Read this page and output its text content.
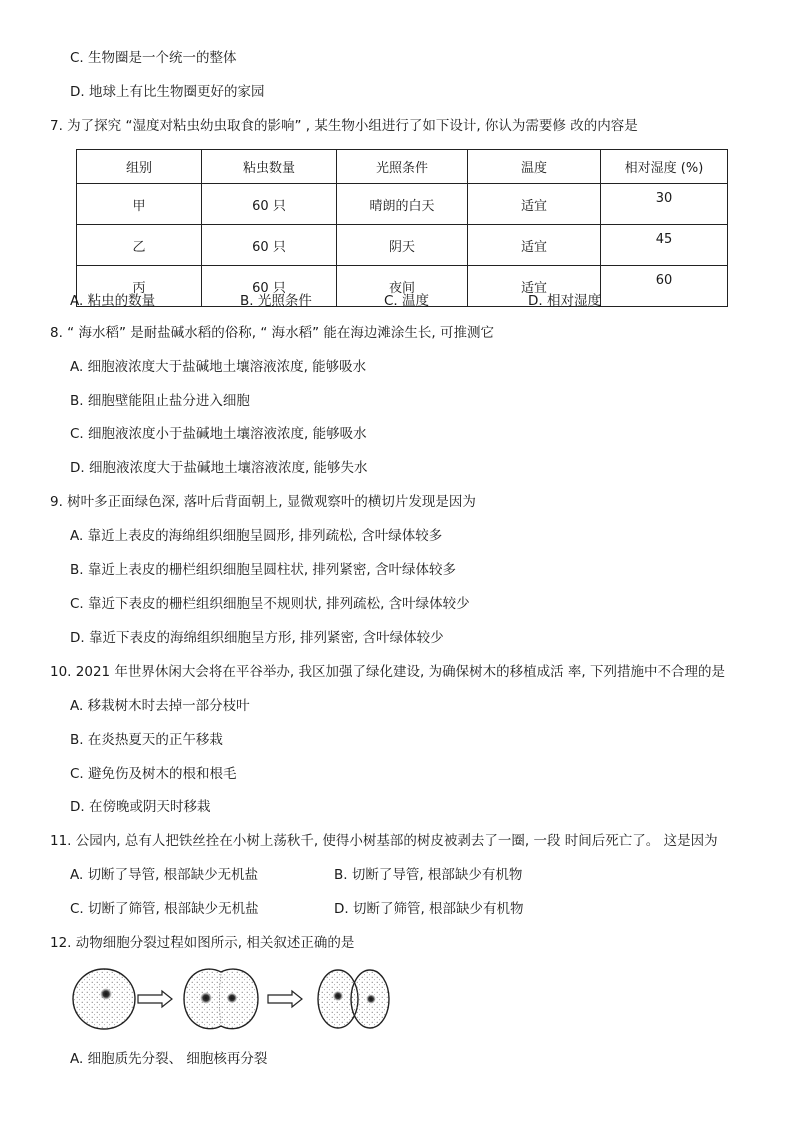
C. 生物圈是一个统一的整体
D. 地球上有比生物圈更好的家园
7. 为了探究 “湿度对粘虫幼虫取食的影响” , 某生物小组进行了如下设计, 你认为需要修 改的内容是
组别	粘虫数量	光照条件	温度	相对湿度 (%)
甲	60 只	晴朗的白天	适宜	30
乙	60 只	阴天	适宜	45
丙	60 只	夜间	适宜	60
A. 粘虫的数量	B. 光照条件	C. 温度	D. 相对湿度
8. “ 海水稻” 是耐盐碱水稻的俗称, “ 海水稻” 能在海边滩涂生长, 可推测它
A. 细胞液浓度大于盐碱地土壤溶液浓度, 能够吸水
B. 细胞壁能阻止盐分进入细胞
C. 细胞液浓度小于盐碱地土壤溶液浓度, 能够吸水
D. 细胞液浓度大于盐碱地土壤溶液浓度, 能够失水
9. 树叶多正面绿色深, 落叶后背面朝上, 显微观察叶的横切片发现是因为
A. 靠近上表皮的海绵组织细胞呈圆形, 排列疏松, 含叶绿体较多
B. 靠近上表皮的栅栏组织细胞呈圆柱状, 排列紧密, 含叶绿体较多
C. 靠近下表皮的栅栏组织细胞呈不规则状, 排列疏松, 含叶绿体较少
D. 靠近下表皮的海绵组织细胞呈方形, 排列紧密, 含叶绿体较少
10. 2021 年世界休闲大会将在平谷举办, 我区加强了绿化建设, 为确保树木的移植成活 率, 下列措施中不合理的是
A. 移栽树木时去掉一部分枝叶
B. 在炎热夏天的正午移栽
C. 避免伤及树木的根和根毛
D. 在傍晚或阴天时移栽
11. 公园内, 总有人把铁丝拴在小树上荡秋千, 使得小树基部的树皮被剥去了一圈, 一段 时间后死亡了。 这是因为
A. 切断了导管, 根部缺少无机盐	B. 切断了导管, 根部缺少有机物
C. 切断了筛管, 根部缺少无机盐	D. 切断了筛管, 根部缺少有机物
12. 动物细胞分裂过程如图所示, 相关叙述正确的是
A. 细胞质先分裂、 细胞核再分裂
